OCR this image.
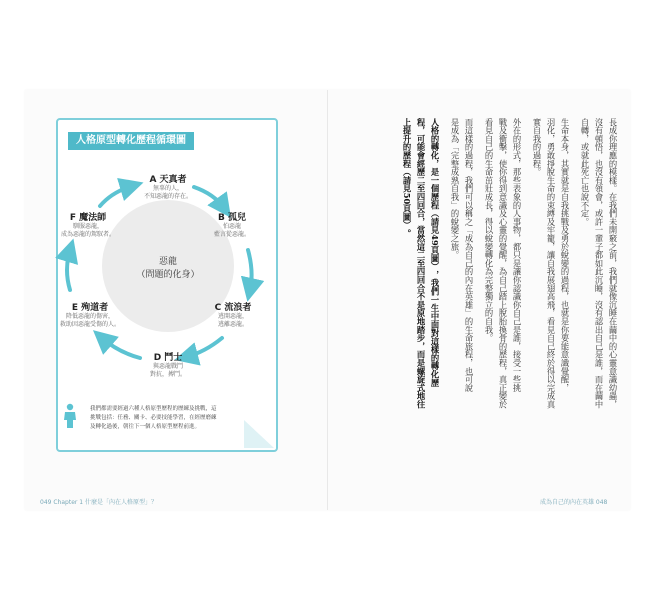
人格原型轉化歷程循環圖
A 天真者
無辜的人，
不知惡龍的存在。
B 孤兒
怕惡龍
藍言從惡龍。
C 流浪者
逃開惡龍，
逃離惡龍。
D 鬥士
與惡龍戰鬥
對抗，搏鬥。
E 殉道者
降低惡龍的傷害，
救助因惡龍受傷的人。
F 魔法師
馴服惡龍，
成為惡龍的駕馭者。
惡龍
（問題的化身）
我們都需要經過六種人格原型歷程的歷練及挑戰，這
挑戰包括：任務、關卡、必要技能學習，在經歷磨練
及轉化過後，朝往下一個人格原型歷程前進。
049 Chapter 1 什麼是「內在人格原型」？
長成你理應的模樣。在我們未開竅之前，我們就像沉睡在繭中的心靈意識幼蟲，
沒有頓悟，也沒有領會，或許一輩子都如此沉睡，沒有認出自己是誰，而在繭中
自轉，或就此死亡也說不定。
生命本身，其實就是自我挑戰及勇於蛻變的過程，也就是你要能意識覺醒，
羽化，勇敢掙脫生命的束縛及牢籠，讓自我展翅高飛，看見自己終於得以完成真
實自我的過程。
外在的形式，那些表象的人事物，都只是讓你認識你自己是誰，接受一些挑
戰及衝擊，使你得到意識及心靈的覺醒，為自己踏上脫胎換骨的歷程，真正變於
看見自己的生命茁壯成長，得以蛻變轉化為完整獨立的自我。
而這樣的過程，我們可以稱之「成為自己的內在英雄」的生命旅程，也可說
是成為「完整成熟自我」的蛻變之旅。
人格的轉化，是一個歷程（請見49頁圖），我們一生中面對這樣的轉化歷
程，可能會經歷二至四回合，當然這二至四回合不是原地踏步，而是螺旋式地往
上提升的歷程（請見50頁圖）。
成為自己的內在英雄 048
